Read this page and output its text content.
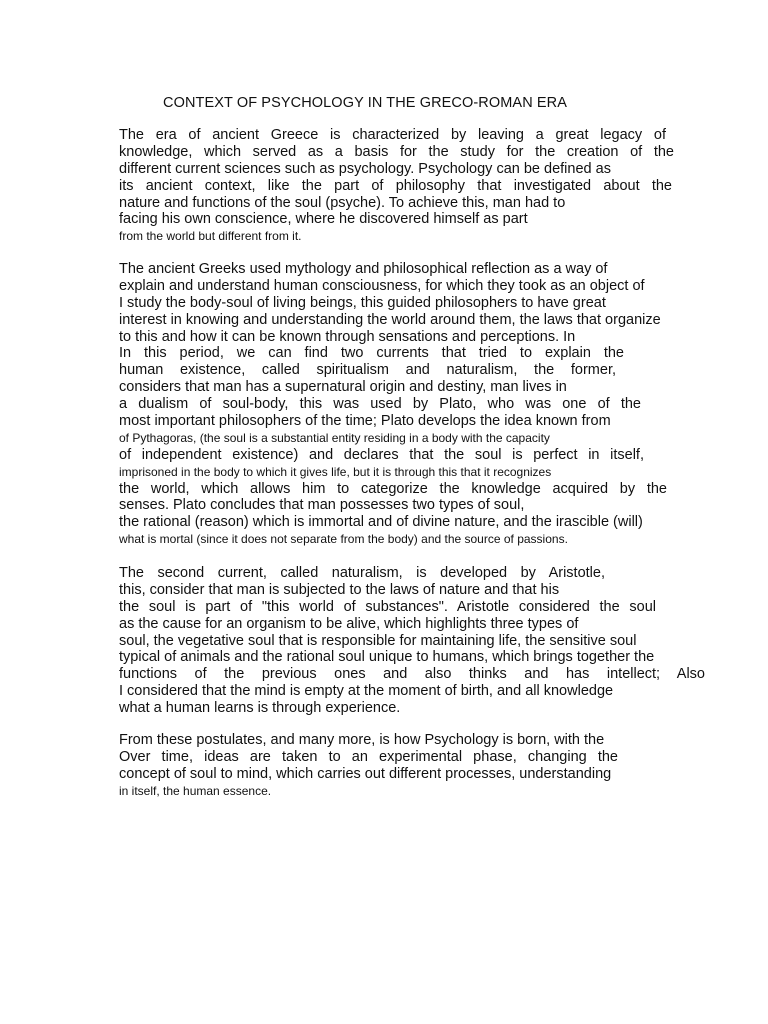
CONTEXT OF PSYCHOLOGY IN THE GRECO-ROMAN ERA
The era of ancient Greece is characterized by leaving a great legacy of
knowledge, which served as a basis for the study for the creation of the
different current sciences such as psychology. Psychology can be defined as
its ancient context, like the part of philosophy that investigated about the
nature and functions of the soul (psyche). To achieve this, man had to
facing his own conscience, where he discovered himself as part
from the world but different from it.
The ancient Greeks used mythology and philosophical reflection as a way of
explain and understand human consciousness, for which they took as an object of
I study the body-soul of living beings, this guided philosophers to have great
interest in knowing and understanding the world around them, the laws that organize
to this and how it can be known through sensations and perceptions. In
In this period, we can find two currents that tried to explain the
human existence, called spiritualism and naturalism, the former,
considers that man has a supernatural origin and destiny, man lives in
a dualism of soul-body, this was used by Plato, who was one of the
most important philosophers of the time; Plato develops the idea known from
of Pythagoras, (the soul is a substantial entity residing in a body with the capacity
of independent existence) and declares that the soul is perfect in itself,
imprisoned in the body to which it gives life, but it is through this that it recognizes
the world, which allows him to categorize the knowledge acquired by the
senses. Plato concludes that man possesses two types of soul,
the rational (reason) which is immortal and of divine nature, and the irascible (will)
what is mortal (since it does not separate from the body) and the source of passions.
The second current, called naturalism, is developed by Aristotle,
this, consider that man is subjected to the laws of nature and that his
the soul is part of "this world of substances". Aristotle considered the soul
as the cause for an organism to be alive, which highlights three types of
soul, the vegetative soul that is responsible for maintaining life, the sensitive soul
typical of animals and the rational soul unique to humans, which brings together the
functions of the previous ones and also thinks and has intellect; Also
I considered that the mind is empty at the moment of birth, and all knowledge
what a human learns is through experience.
From these postulates, and many more, is how Psychology is born, with the
Over time, ideas are taken to an experimental phase, changing the
concept of soul to mind, which carries out different processes, understanding
in itself, the human essence.
